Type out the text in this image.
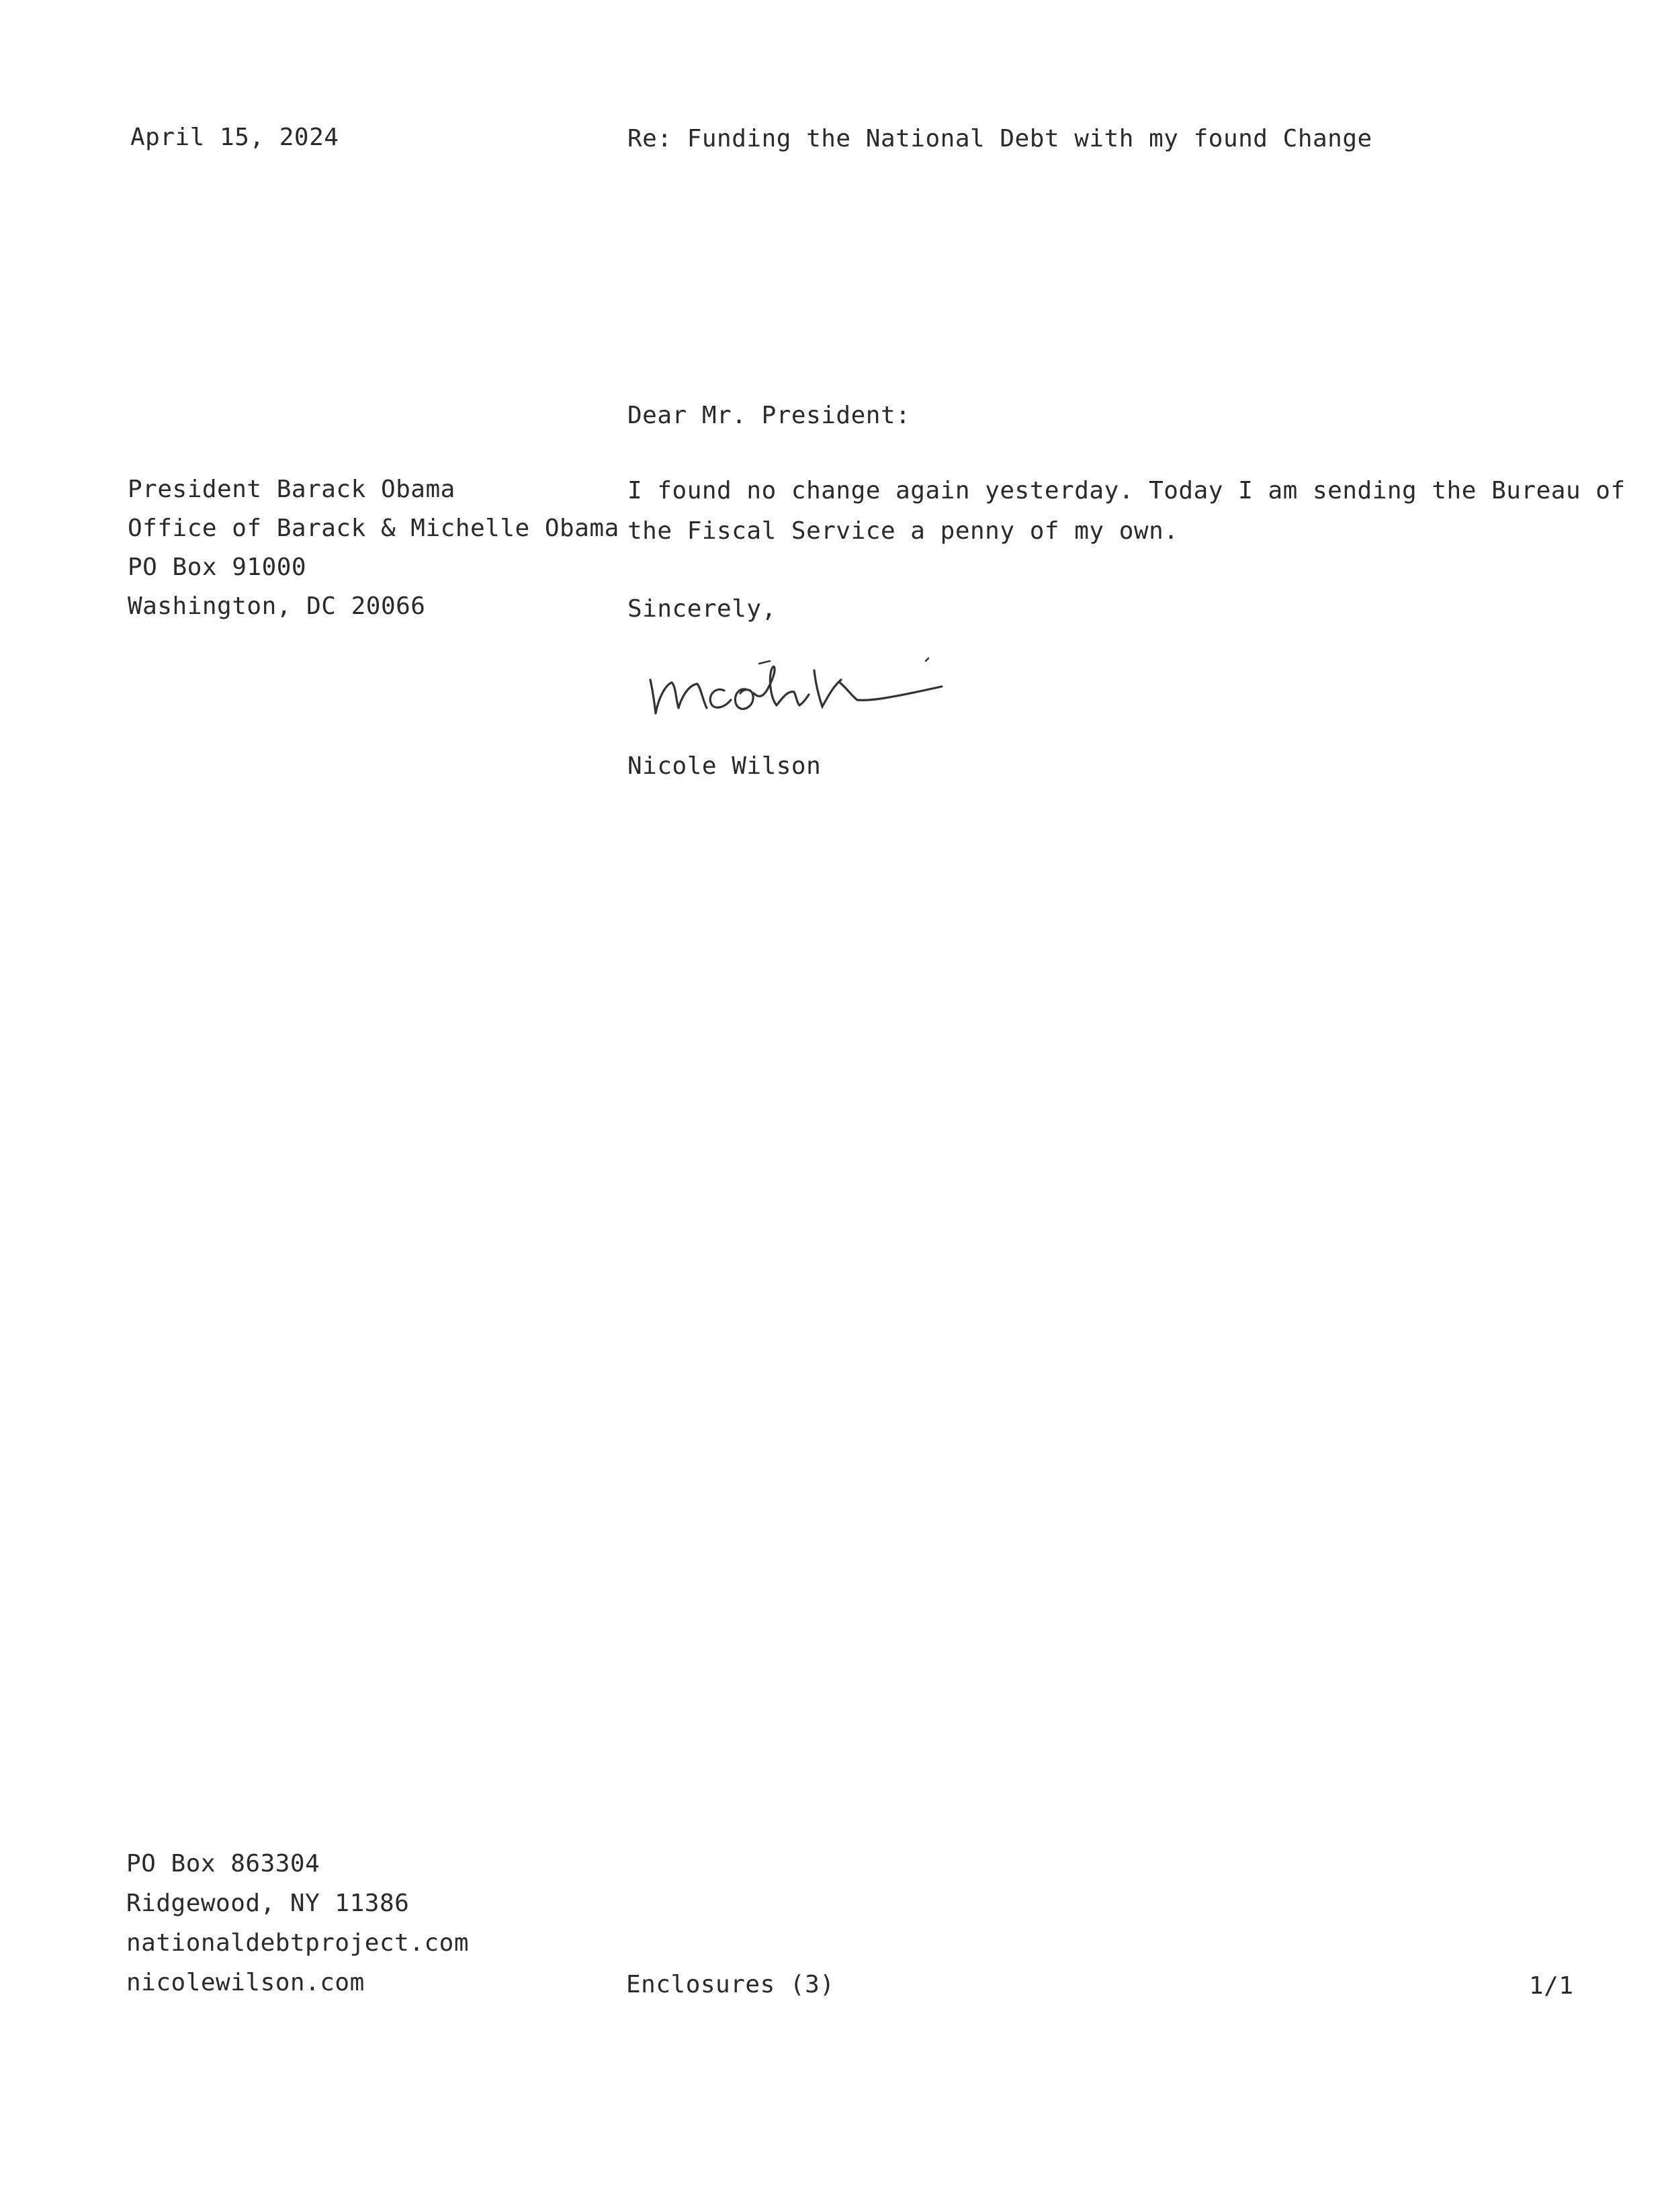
April 15, 2024	Re: Funding the National Debt with my found Change
Dear Mr. President:
President Barack Obama
Office of Barack & Michelle Obama
PO Box 91000
Washington, DC 20066
I found no change again yesterday. Today I am sending the Bureau of
the Fiscal Service a penny of my own.
Sincerely,
Nicole Wilson
PO Box 863304
Ridgewood, NY 11386
nationaldebtproject.com
nicolewilson.com	Enclosures (3)	1/1
